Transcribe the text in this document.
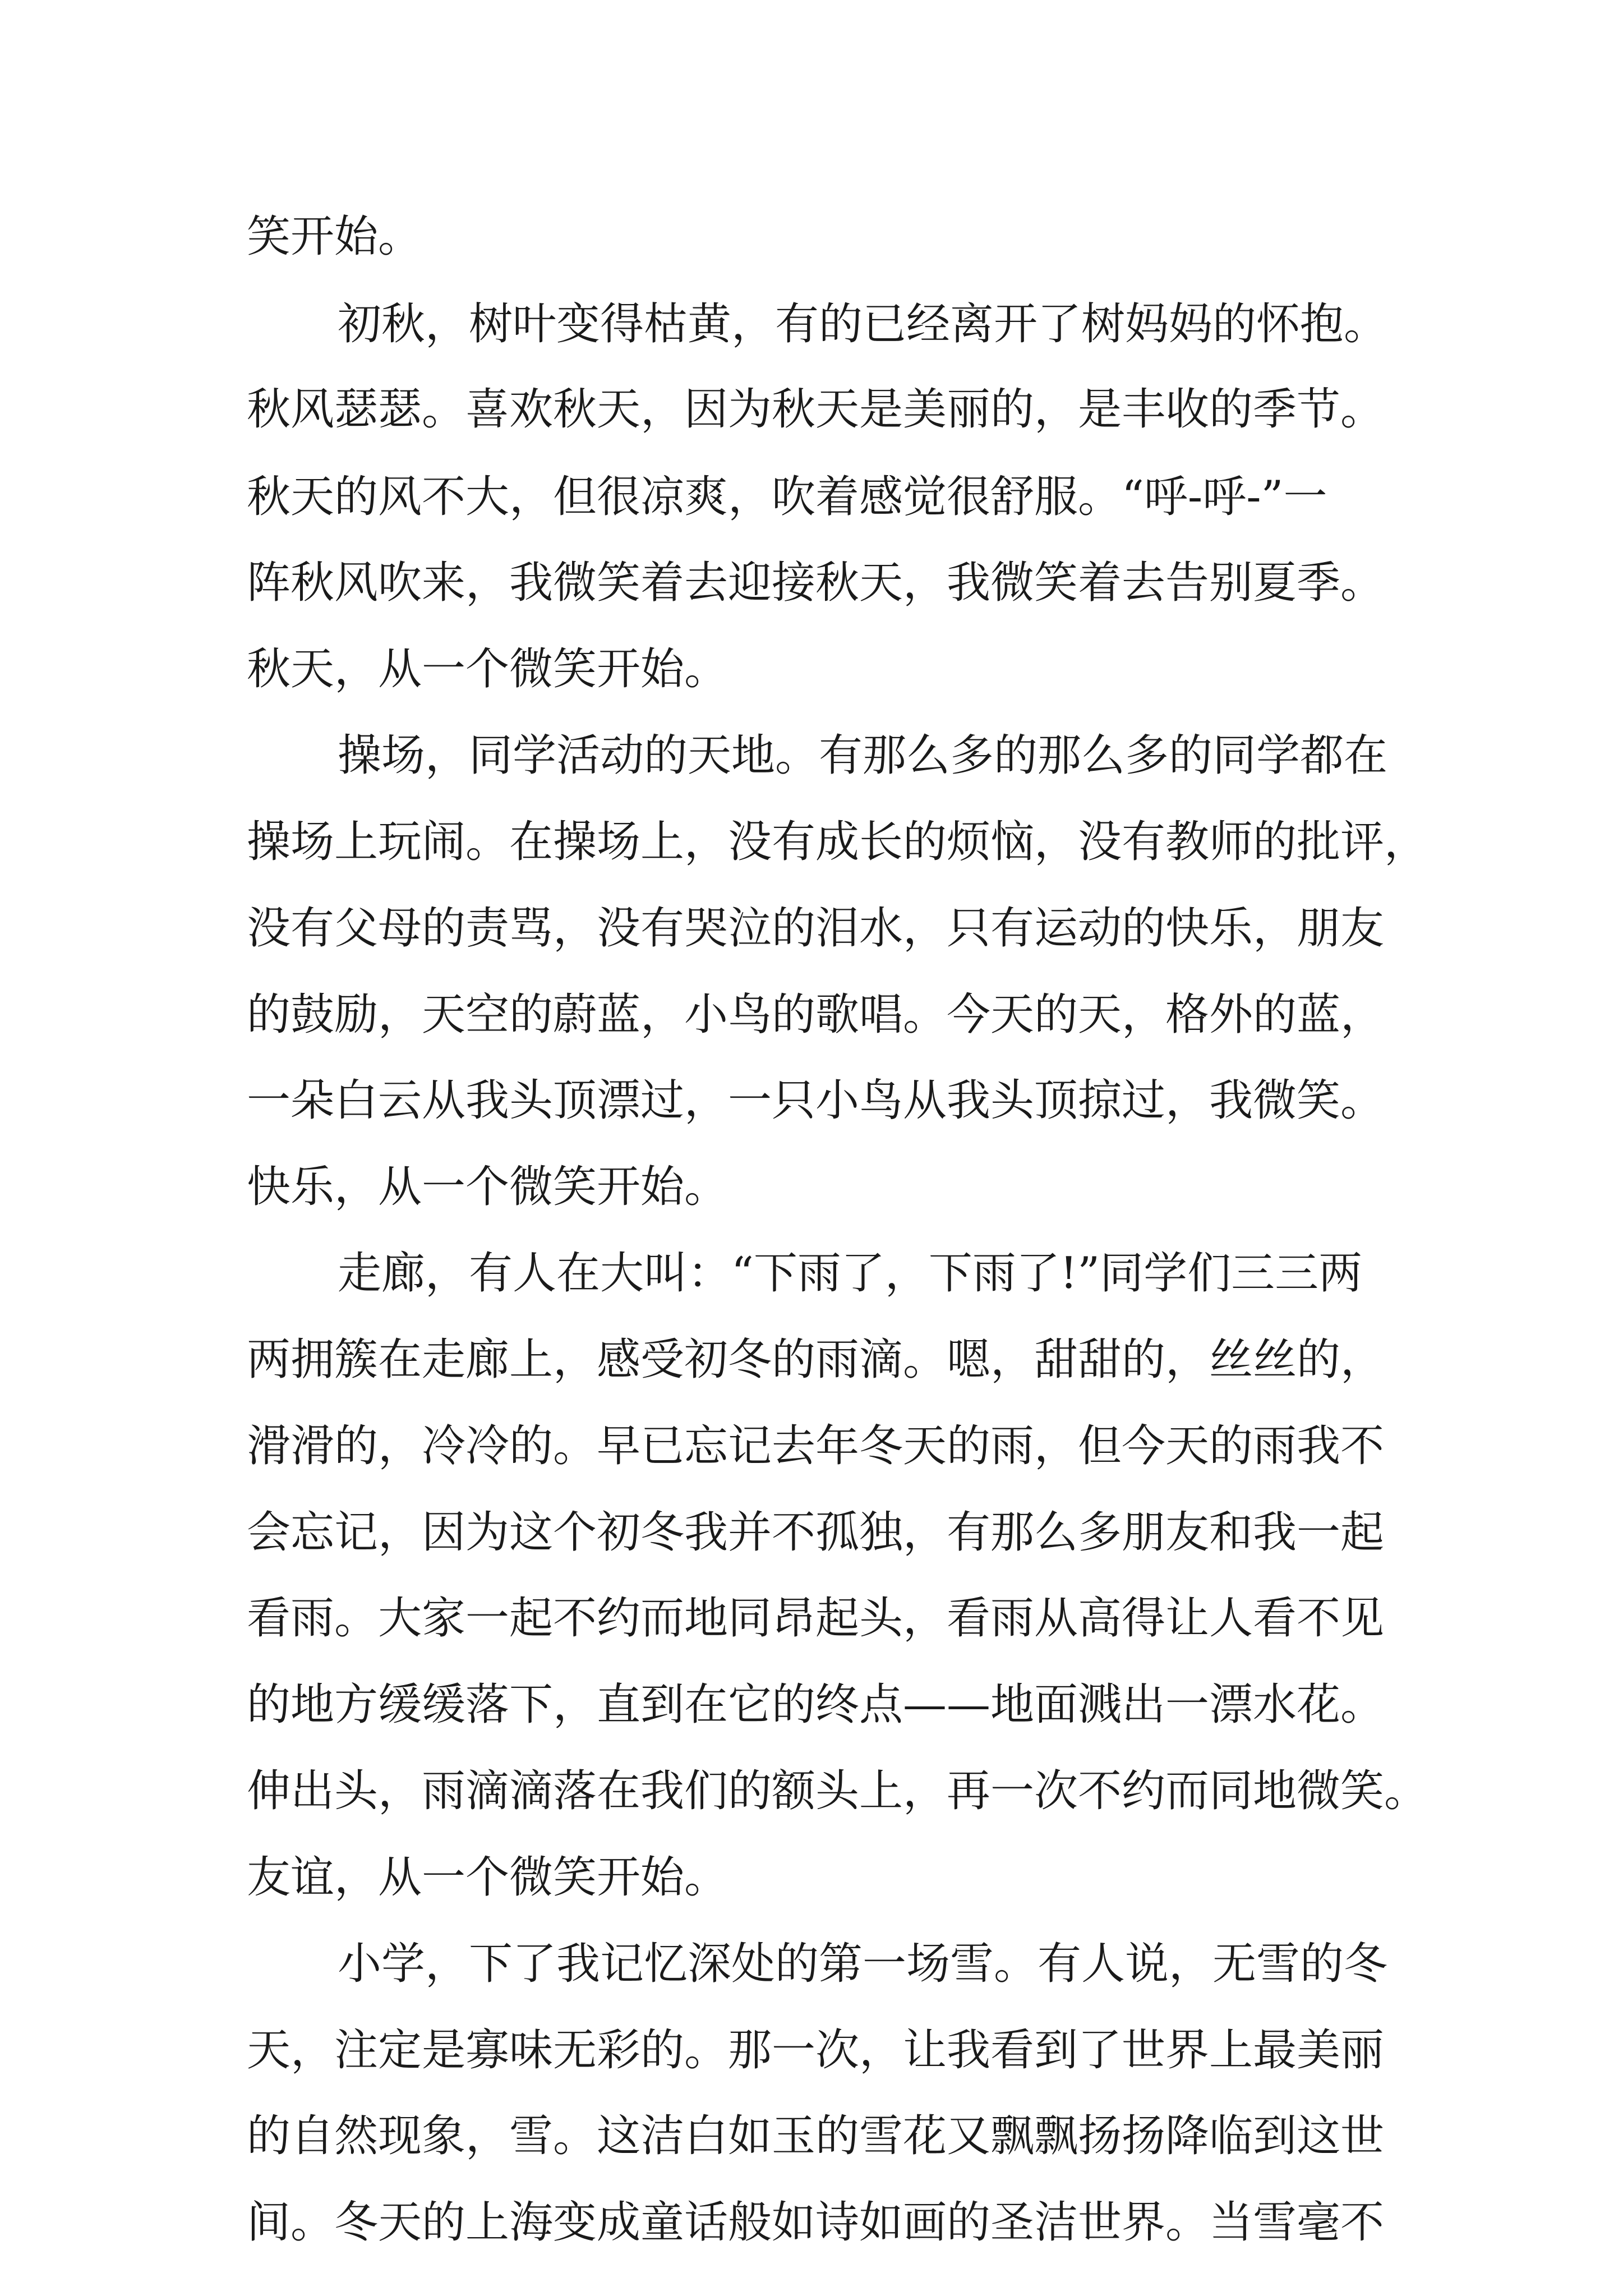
笑开始。

初秋，树叶变得枯黄，有的已经离开了树妈妈的怀抱。

秋风瑟瑟。喜欢秋天，因为秋天是美丽的，是丰收的季节。

秋天的风不大，但很凉爽，吹着感觉很舒服。“呼-呼-”一

阵秋风吹来，我微笑着去迎接秋天，我微笑着去告别夏季。

秋天，从一个微笑开始。

操场，同学活动的天地。有那么多的那么多的同学都在

操场上玩闹。在操场上，没有成长的烦恼，没有教师的批评，

没有父母的责骂，没有哭泣的泪水，只有运动的快乐，朋友

的鼓励，天空的蔚蓝，小鸟的歌唱。今天的天，格外的蓝，

一朵白云从我头顶漂过，一只小鸟从我头顶掠过，我微笑。

快乐，从一个微笑开始。

走廊，有人在大叫：“下雨了，下雨了!”同学们三三两

两拥簇在走廊上，感受初冬的雨滴。嗯，甜甜的，丝丝的，

滑滑的，冷冷的。早已忘记去年冬天的雨，但今天的雨我不

会忘记，因为这个初冬我并不孤独，有那么多朋友和我一起

看雨。大家一起不约而地同昂起头，看雨从高得让人看不见

的地方缓缓落下，直到在它的终点——地面溅出一漂水花。

伸出头，雨滴滴落在我们的额头上，再一次不约而同地微笑。

友谊，从一个微笑开始。

小学，下了我记忆深处的第一场雪。有人说，无雪的冬

天，注定是寡味无彩的。那一次，让我看到了世界上最美丽

的自然现象，雪。这洁白如玉的雪花又飘飘扬扬降临到这世

间。冬天的上海变成童话般如诗如画的圣洁世界。当雪毫不
